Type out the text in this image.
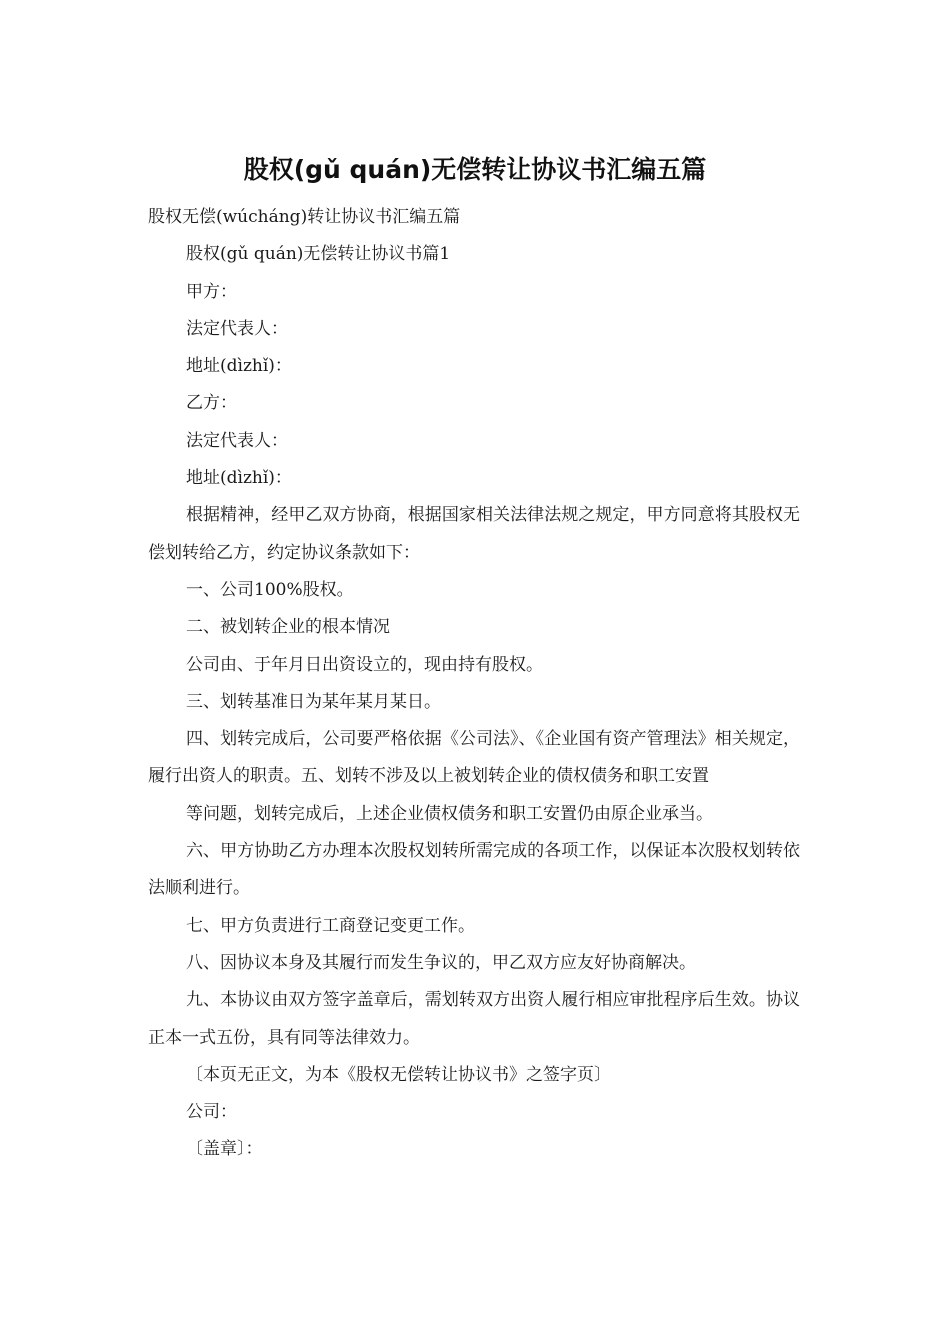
股权(gǔ quán)无偿转让协议书汇编五篇

股权无偿(wúcháng)转让协议书汇编五篇

股权(gǔ quán)无偿转让协议书篇1

甲方：

法定代表人：

地址(dìzhǐ)：

乙方：

法定代表人：

地址(dìzhǐ)：

根据精神，经甲乙双方协商，根据国家相关法律法规之规定，甲方同意将其股权无偿划转给乙方，约定协议条款如下：

一、公司100%股权。

二、被划转企业的根本情况

公司由、于年月日出资设立的，现由持有股权。

三、划转基准日为某年某月某日。

四、划转完成后，公司要严格依据《公司法》、《企业国有资产管理法》相关规定，履行出资人的职责。五、划转不涉及以上被划转企业的债权债务和职工安置

等问题，划转完成后，上述企业债权债务和职工安置仍由原企业承当。

六、甲方协助乙方办理本次股权划转所需完成的各项工作，以保证本次股权划转依法顺利进行。

七、甲方负责进行工商登记变更工作。

八、因协议本身及其履行而发生争议的，甲乙双方应友好协商解决。

九、本协议由双方签字盖章后，需划转双方出资人履行相应审批程序后生效。协议正本一式五份，具有同等法律效力。

〔本页无正文，为本《股权无偿转让协议书》之签字页〕

公司：

〔盖章〕：
